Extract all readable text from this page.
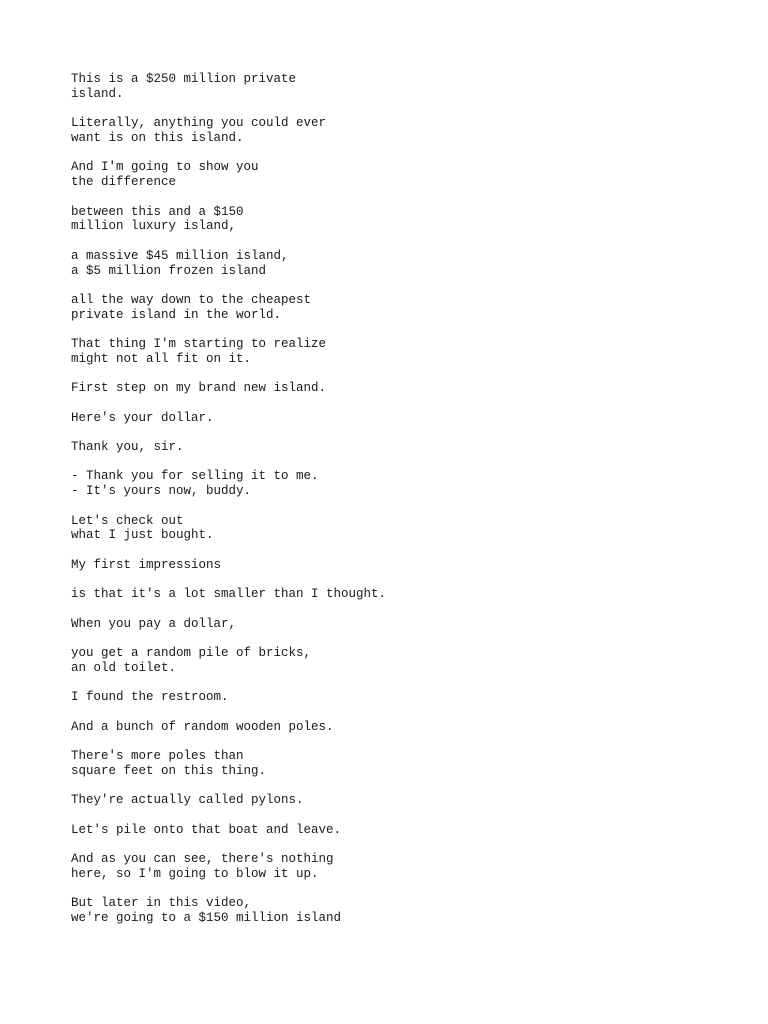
This is a $250 million private
island.
Literally, anything you could ever
want is on this island.
And I'm going to show you
the difference
between this and a $150
million luxury island,
a massive $45 million island,
a $5 million frozen island
all the way down to the cheapest
private island in the world.
That thing I'm starting to realize
might not all fit on it.
First step on my brand new island.
Here's your dollar.
Thank you, sir.
- Thank you for selling it to me.
- It's yours now, buddy.
Let's check out
what I just bought.
My first impressions
is that it's a lot smaller than I thought.
When you pay a dollar,
you get a random pile of bricks,
an old toilet.
I found the restroom.
And a bunch of random wooden poles.
There's more poles than
square feet on this thing.
They're actually called pylons.
Let's pile onto that boat and leave.
And as you can see, there's nothing
here, so I'm going to blow it up.
But later in this video,
we're going to a $150 million island
